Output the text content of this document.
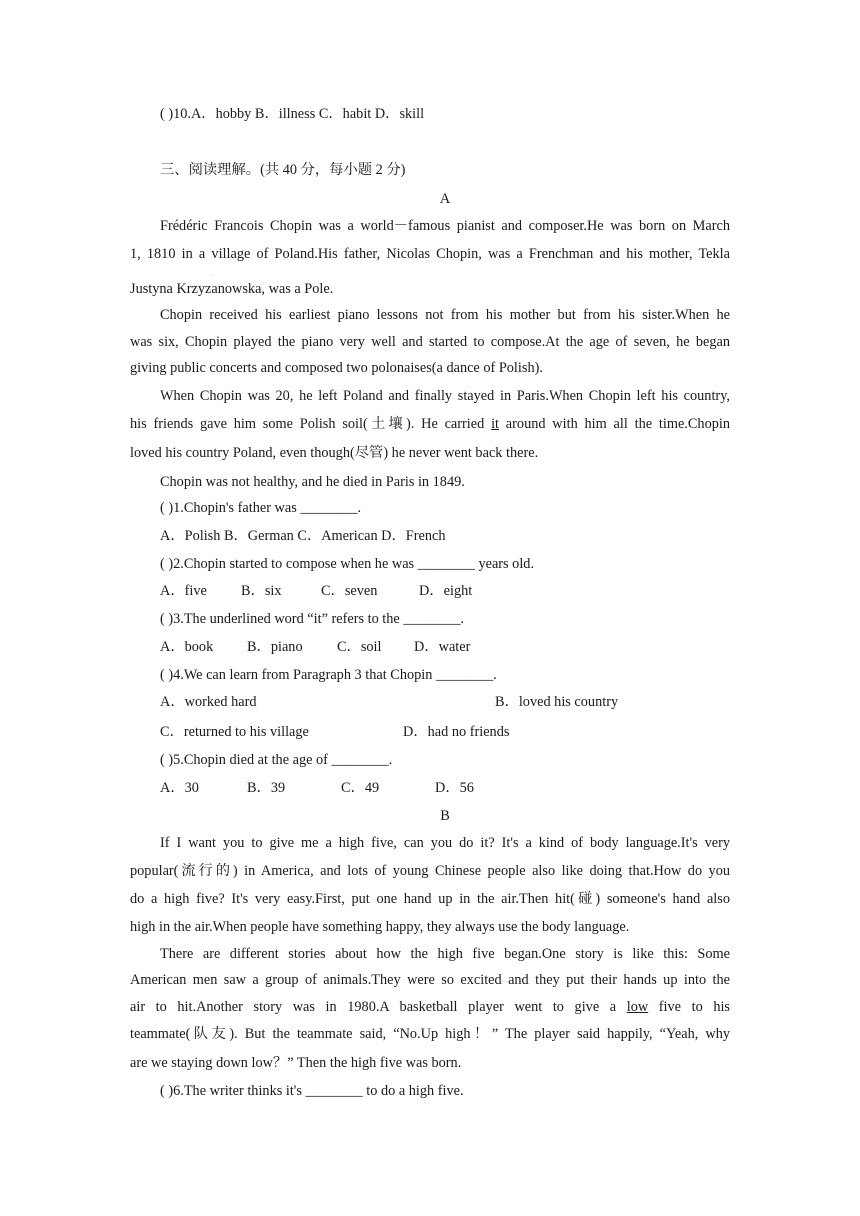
( )10.A．hobby B．illness C．habit D．skill
三、阅读理解。(共 40 分，每小题 2 分)
A
Frédéric Francois Chopin was a world－famous pianist and composer.He was born on March
1, 1810 in a village of Poland.His father, Nicolas Chopin, was a Frenchman and his mother, Tekla
·
Justyna Krzyzanowska, was a Pole.
Chopin received his earliest piano lessons not from his mother but from his sister.When he
was six, Chopin played the piano very well and started to compose.At the age of seven, he began
giving public concerts and composed two polonaises(a dance of Polish).
When Chopin was 20, he left Poland and finally stayed in Paris.When Chopin left his country,
his friends gave him some Polish soil(土壤). He carried it around with him all the time.Chopin
loved his country Poland, even though(尽管) he never went back there.
Chopin was not healthy, and he died in Paris in 1849.
( )1.Chopin's father was ________.
A．Polish B．German C．American D．French
( )2.Chopin started to compose when he was ________ years old.
A．five B．six	C．seven	D．eight
( )3.The underlined word “it” refers to the ________.
A．book B．piano C．soil D．water
( )4.We can learn from Paragraph 3 that Chopin ________.
A．worked hard	B．loved his country
C．returned to his village	D．had no friends
( )5.Chopin died at the age of ________.
A．30	B．39	C．49	D．56
B
If I want you to give me a high five, can you do it? It's a kind of body language.It's very
popular(流行的) in America, and lots of young Chinese people also like doing that.How do you
do a high five? It's very easy.First, put one hand up in the air.Then hit(碰) someone's hand also
high in the air.When people have something happy, they always use the body language.
There are different stories about how the high five began.One story is like this: Some
American men saw a group of animals.They were so excited and they put their hands up into the
air to hit.Another story was in 1980.A basketball player went to give a low five to his
teammate(队友). But the teammate said, “No.Up high！” The player said happily, “Yeah, why
are we staying down low？” Then the high five was born.
( )6.The writer thinks it's ________ to do a high five.
